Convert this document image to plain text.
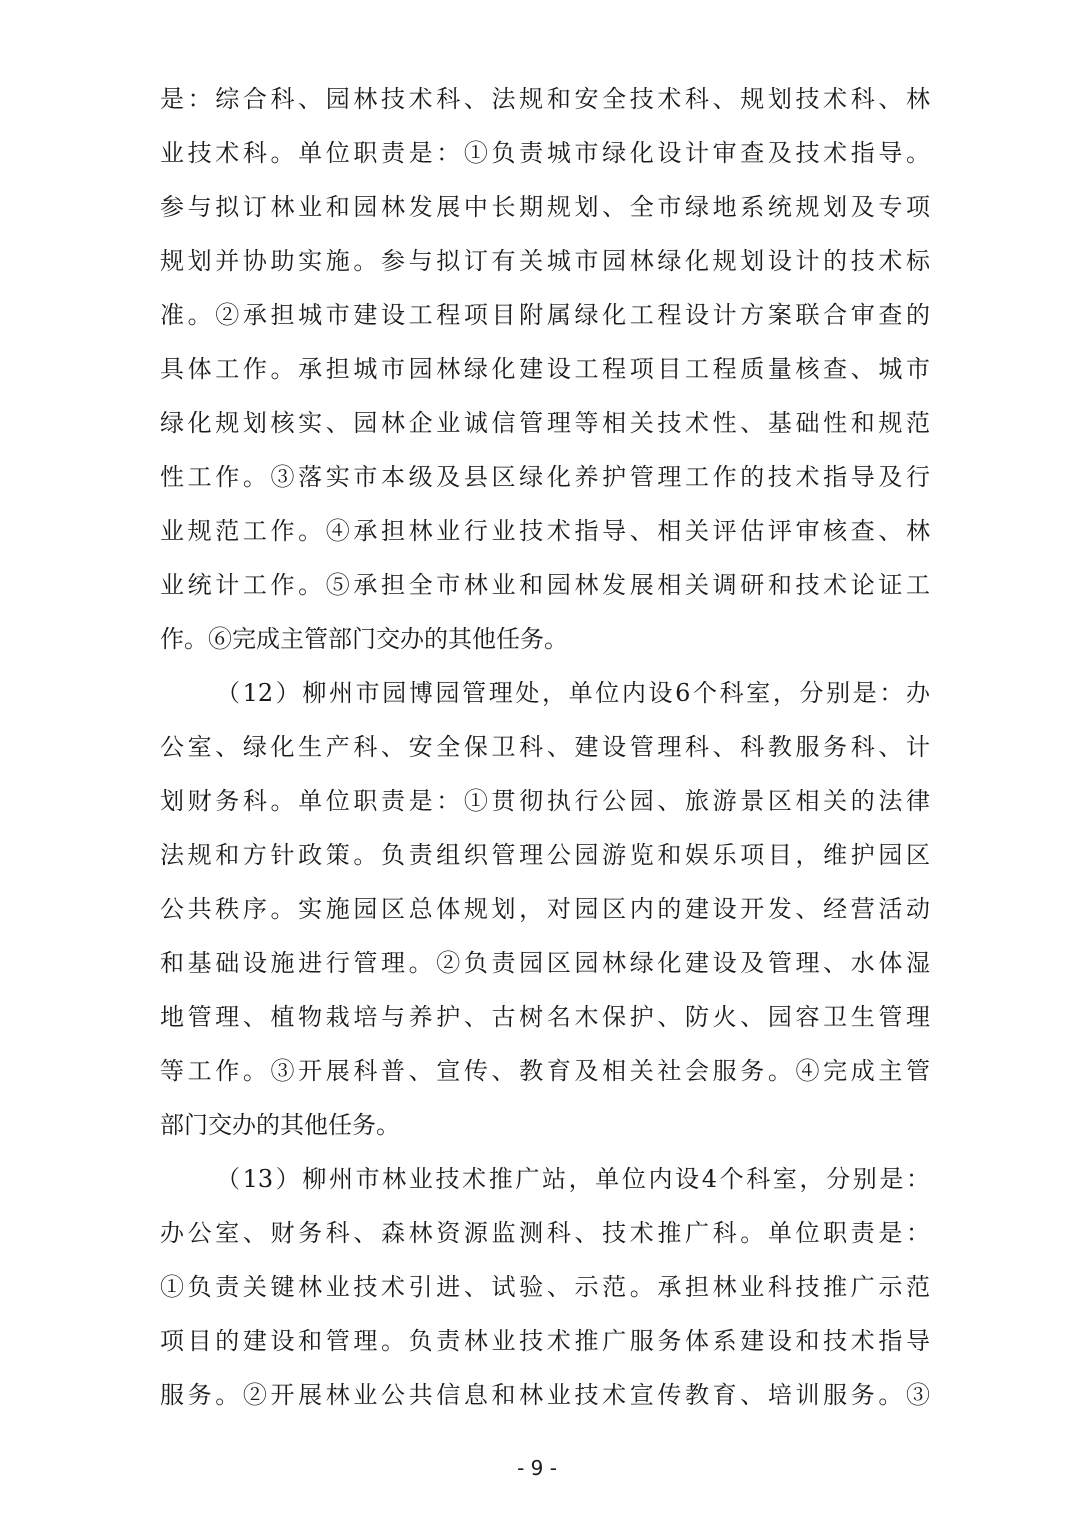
是：综合科、园林技术科、法规和安全技术科、规划技术科、林
业技术科。单位职责是：①负责城市绿化设计审查及技术指导。
参与拟订林业和园林发展中长期规划、全市绿地系统规划及专项
规划并协助实施。参与拟订有关城市园林绿化规划设计的技术标
准。②承担城市建设工程项目附属绿化工程设计方案联合审查的
具体工作。承担城市园林绿化建设工程项目工程质量核查、城市
绿化规划核实、园林企业诚信管理等相关技术性、基础性和规范
性工作。③落实市本级及县区绿化养护管理工作的技术指导及行
业规范工作。④承担林业行业技术指导、相关评估评审核查、林
业统计工作。⑤承担全市林业和园林发展相关调研和技术论证工
作。⑥完成主管部门交办的其他任务。
（12）柳州市园博园管理处，单位内设6个科室，分别是：办
公室、绿化生产科、安全保卫科、建设管理科、科教服务科、计
划财务科。单位职责是：①贯彻执行公园、旅游景区相关的法律
法规和方针政策。负责组织管理公园游览和娱乐项目，维护园区
公共秩序。实施园区总体规划，对园区内的建设开发、经营活动
和基础设施进行管理。②负责园区园林绿化建设及管理、水体湿
地管理、植物栽培与养护、古树名木保护、防火、园容卫生管理
等工作。③开展科普、宣传、教育及相关社会服务。④完成主管
部门交办的其他任务。
（13）柳州市林业技术推广站，单位内设4个科室，分别是：
办公室、财务科、森林资源监测科、技术推广科。单位职责是：
①负责关键林业技术引进、试验、示范。承担林业科技推广示范
项目的建设和管理。负责林业技术推广服务体系建设和技术指导
服务。②开展林业公共信息和林业技术宣传教育、培训服务。③
- 9 -
